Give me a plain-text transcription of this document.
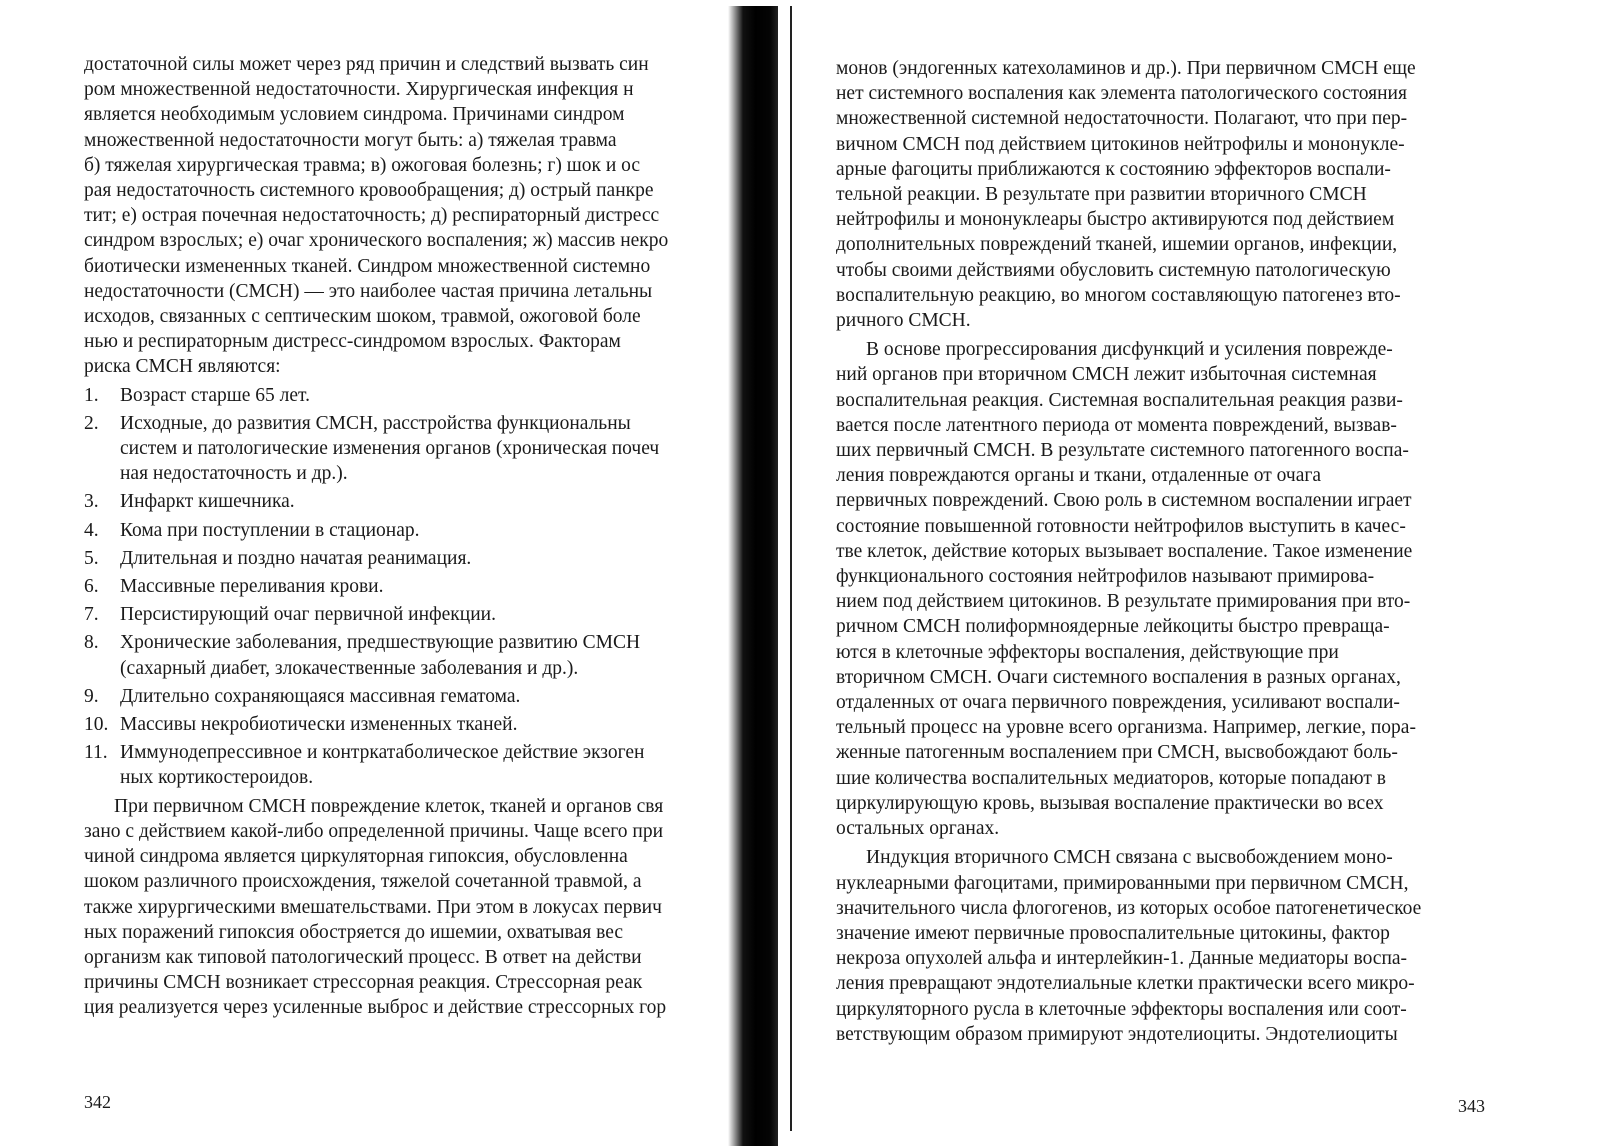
достаточной силы может через ряд причин и следствий вызвать син
ром множественной недостаточности. Хирургическая инфекция н
является необходимым условием синдрома. Причинами синдром
множественной недостаточности могут быть: а) тяжелая травма
б) тяжелая хирургическая травма; в) ожоговая болезнь; г) шок и ос
рая недостаточность системного кровообращения; д) острый панкре
тит; е) острая почечная недостаточность; д) респираторный дистресс
синдром взрослых; е) очаг хронического воспаления; ж) массив некро
биотически измененных тканей. Синдром множественной системно
недостаточности (СМСН) — это наиболее частая причина летальны
исходов, связанных с септическим шоком, травмой, ожоговой боле
нью и респираторным дистресс-синдромом взрослых. Факторам
риска СМСН являются:
1.	Возраст старше 65 лет.
2.	Исходные, до развития СМСН, расстройства функциональны
систем и патологические изменения органов (хроническая почеч
ная недостаточность и др.).
3.	Инфаркт кишечника.
4.	Кома при поступлении в стационар.
5.	Длительная и поздно начатая реанимация.
6.	Массивные переливания крови.
7.	Персистирующий очаг первичной инфекции.
8.	Хронические заболевания, предшествующие развитию СМСН
(сахарный диабет, злокачественные заболевания и др.).
9.	Длительно сохраняющаяся массивная гематома.
10. Массивы некробиотически измененных тканей.
11. Иммунодепрессивное и контркатаболическое действие экзоген
ных кортикостероидов.
При первичном СМСН повреждение клеток, тканей и органов свя
зано с действием какой-либо определенной причины. Чаще всего при
чиной синдрома является циркуляторная гипоксия, обусловленна
шоком различного происхождения, тяжелой сочетанной травмой, а
также хирургическими вмешательствами. При этом в локусах первич
ных поражений гипоксия обостряется до ишемии, охватывая вес
организм как типовой патологический процесс. В ответ на действи
причины СМСН возникает стрессорная реакция. Стрессорная реак
ция реализуется через усиленные выброс и действие стрессорных гор
342
монов (эндогенных катехоламинов и др.). При первичном СМСН еще
нет системного воспаления как элемента патологического состояния
множественной системной недостаточности. Полагают, что при пер-
вичном СМСН под действием цитокинов нейтрофилы и мононукле-
арные фагоциты приближаются к состоянию эффекторов воспали-
тельной реакции. В результате при развитии вторичного СМСН
нейтрофилы и мононуклеары быстро активируются под действием
дополнительных повреждений тканей, ишемии органов, инфекции,
чтобы своими действиями обусловить системную патологическую
воспалительную реакцию, во многом составляющую патогенез вто-
ричного СМСН.
В основе прогрессирования дисфункций и усиления поврежде-
ний органов при вторичном СМСН лежит избыточная системная
воспалительная реакция. Системная воспалительная реакция разви-
вается после латентного периода от момента повреждений, вызвав-
ших первичный СМСН. В результате системного патогенного воспа-
ления повреждаются органы и ткани, отдаленные от очага
первичных повреждений. Свою роль в системном воспалении играет
состояние повышенной готовности нейтрофилов выступить в качес-
тве клеток, действие которых вызывает воспаление. Такое изменение
функционального состояния нейтрофилов называют примирова-
нием под действием цитокинов. В результате примирования при вто-
ричном СМСН полиформноядерные лейкоциты быстро превраща-
ются в клеточные эффекторы воспаления, действующие при
вторичном СМСН. Очаги системного воспаления в разных органах,
отдаленных от очага первичного повреждения, усиливают воспали-
тельный процесс на уровне всего организма. Например, легкие, пора-
женные патогенным воспалением при СМСН, высвобождают боль-
шие количества воспалительных медиаторов, которые попадают в
циркулирующую кровь, вызывая воспаление практически во всех
остальных органах.
Индукция вторичного СМСН связана с высвобождением моно-
нуклеарными фагоцитами, примированными при первичном СМСН,
значительного числа флогогенов, из которых особое патогенетическое
значение имеют первичные провоспалительные цитокины, фактор
некроза опухолей альфа и интерлейкин-1. Данные медиаторы воспа-
ления превращают эндотелиальные клетки практически всего микро-
циркуляторного русла в клеточные эффекторы воспаления или соот-
ветствующим образом примируют эндотелиоциты. Эндотелиоциты
343
